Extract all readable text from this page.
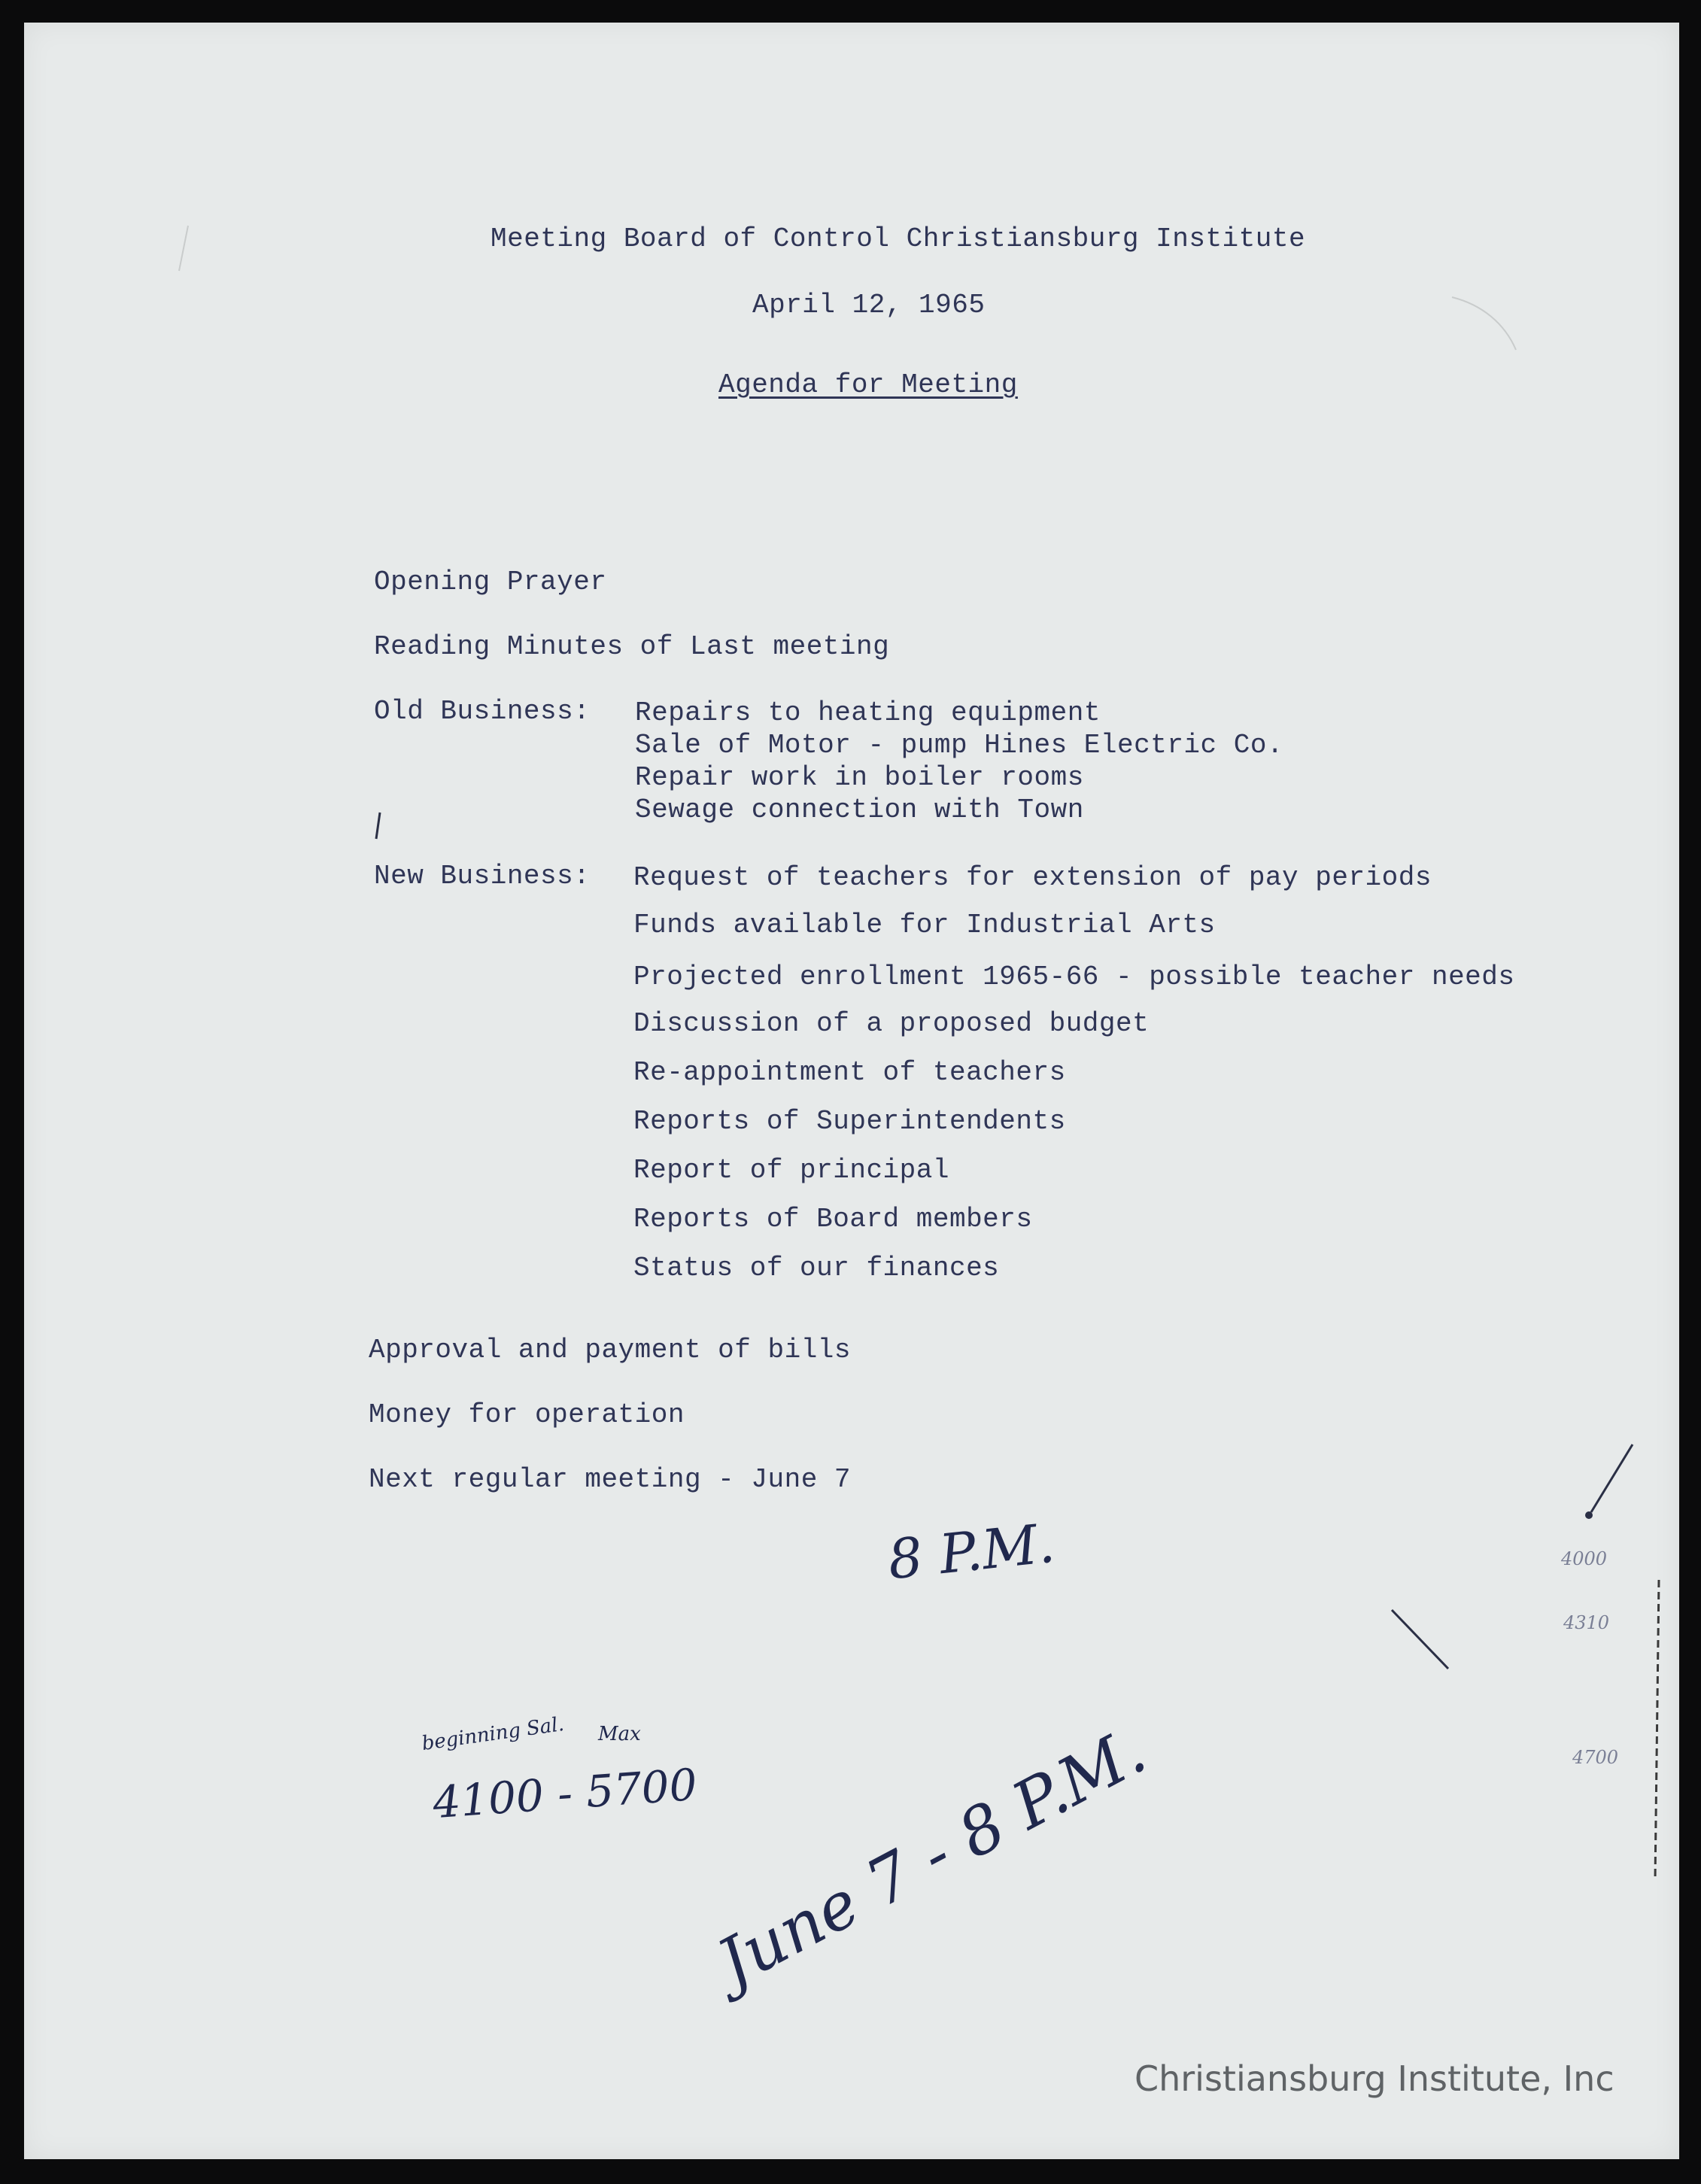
Meeting Board of Control Christiansburg Institute
April 12, 1965
Agenda for Meeting
Opening Prayer
Reading Minutes of Last meeting
Old Business: Repairs to heating equipment
Sale of Motor - pump Hines Electric Co.
Repair work in boiler rooms
Sewage connection with Town
New Business: Request of teachers for extension of pay periods
Funds available for Industrial Arts
Projected enrollment 1965-66 - possible teacher needs
Discussion of a proposed budget
Re-appointment of teachers
Reports of Superintendents
Report of principal
Reports of Board members
Status of our finances
Approval and payment of bills
Money for operation
Next regular meeting - June 7
8 P.M.
beginning Sal. Max
4100 - 5700 June 7 - 8 P.M.
4000
4310
4700
Christiansburg Institute, Inc
